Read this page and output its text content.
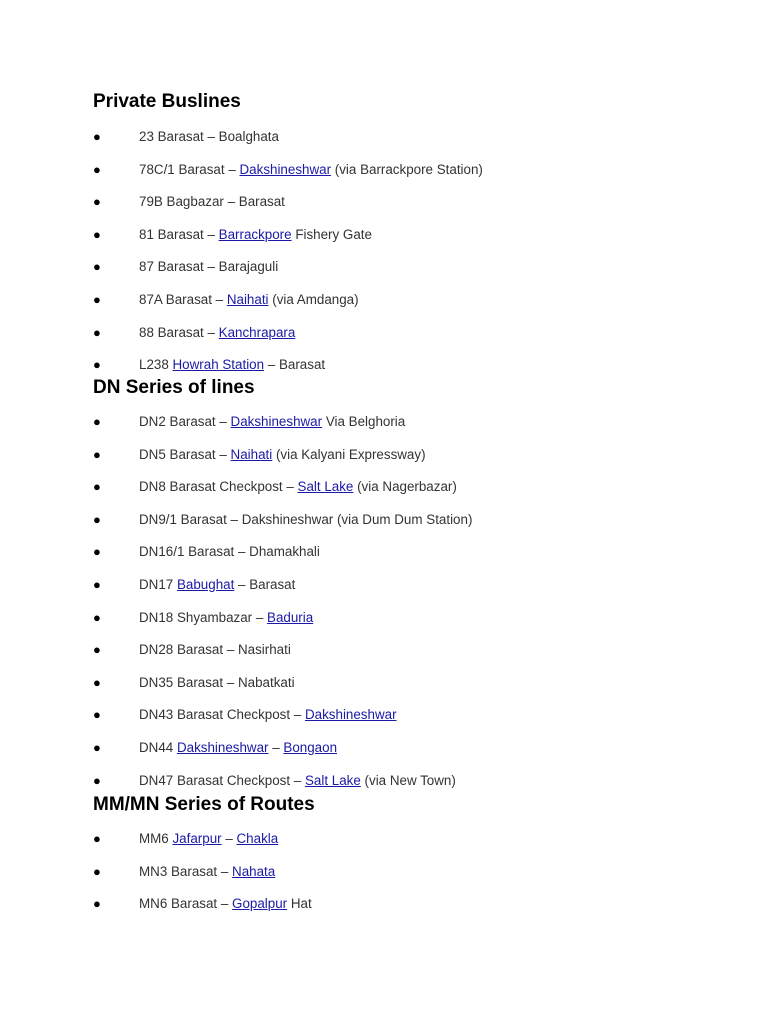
Private Buslines
●	23 Barasat – Boalghata
●	78C/1 Barasat – Dakshineshwar (via Barrackpore Station)
●	79B Bagbazar – Barasat
●	81 Barasat – Barrackpore Fishery Gate
●	87 Barasat – Barajaguli
●	87A Barasat – Naihati (via Amdanga)
●	88 Barasat – Kanchrapara
●	L238 Howrah Station – Barasat
DN Series of lines
●	DN2 Barasat – Dakshineshwar Via Belghoria
●	DN5 Barasat – Naihati (via Kalyani Expressway)
●	DN8 Barasat Checkpost – Salt Lake (via Nagerbazar)
●	DN9/1 Barasat – Dakshineshwar (via Dum Dum Station)
●	DN16/1 Barasat – Dhamakhali
●	DN17 Babughat – Barasat
●	DN18 Shyambazar – Baduria
●	DN28 Barasat – Nasirhati
●	DN35 Barasat – Nabatkati
●	DN43 Barasat Checkpost – Dakshineshwar
●	DN44 Dakshineshwar – Bongaon
●	DN47 Barasat Checkpost – Salt Lake (via New Town)
MM/MN Series of Routes
●	MM6 Jafarpur – Chakla
●	MN3 Barasat – Nahata
●	MN6 Barasat – Gopalpur Hat
